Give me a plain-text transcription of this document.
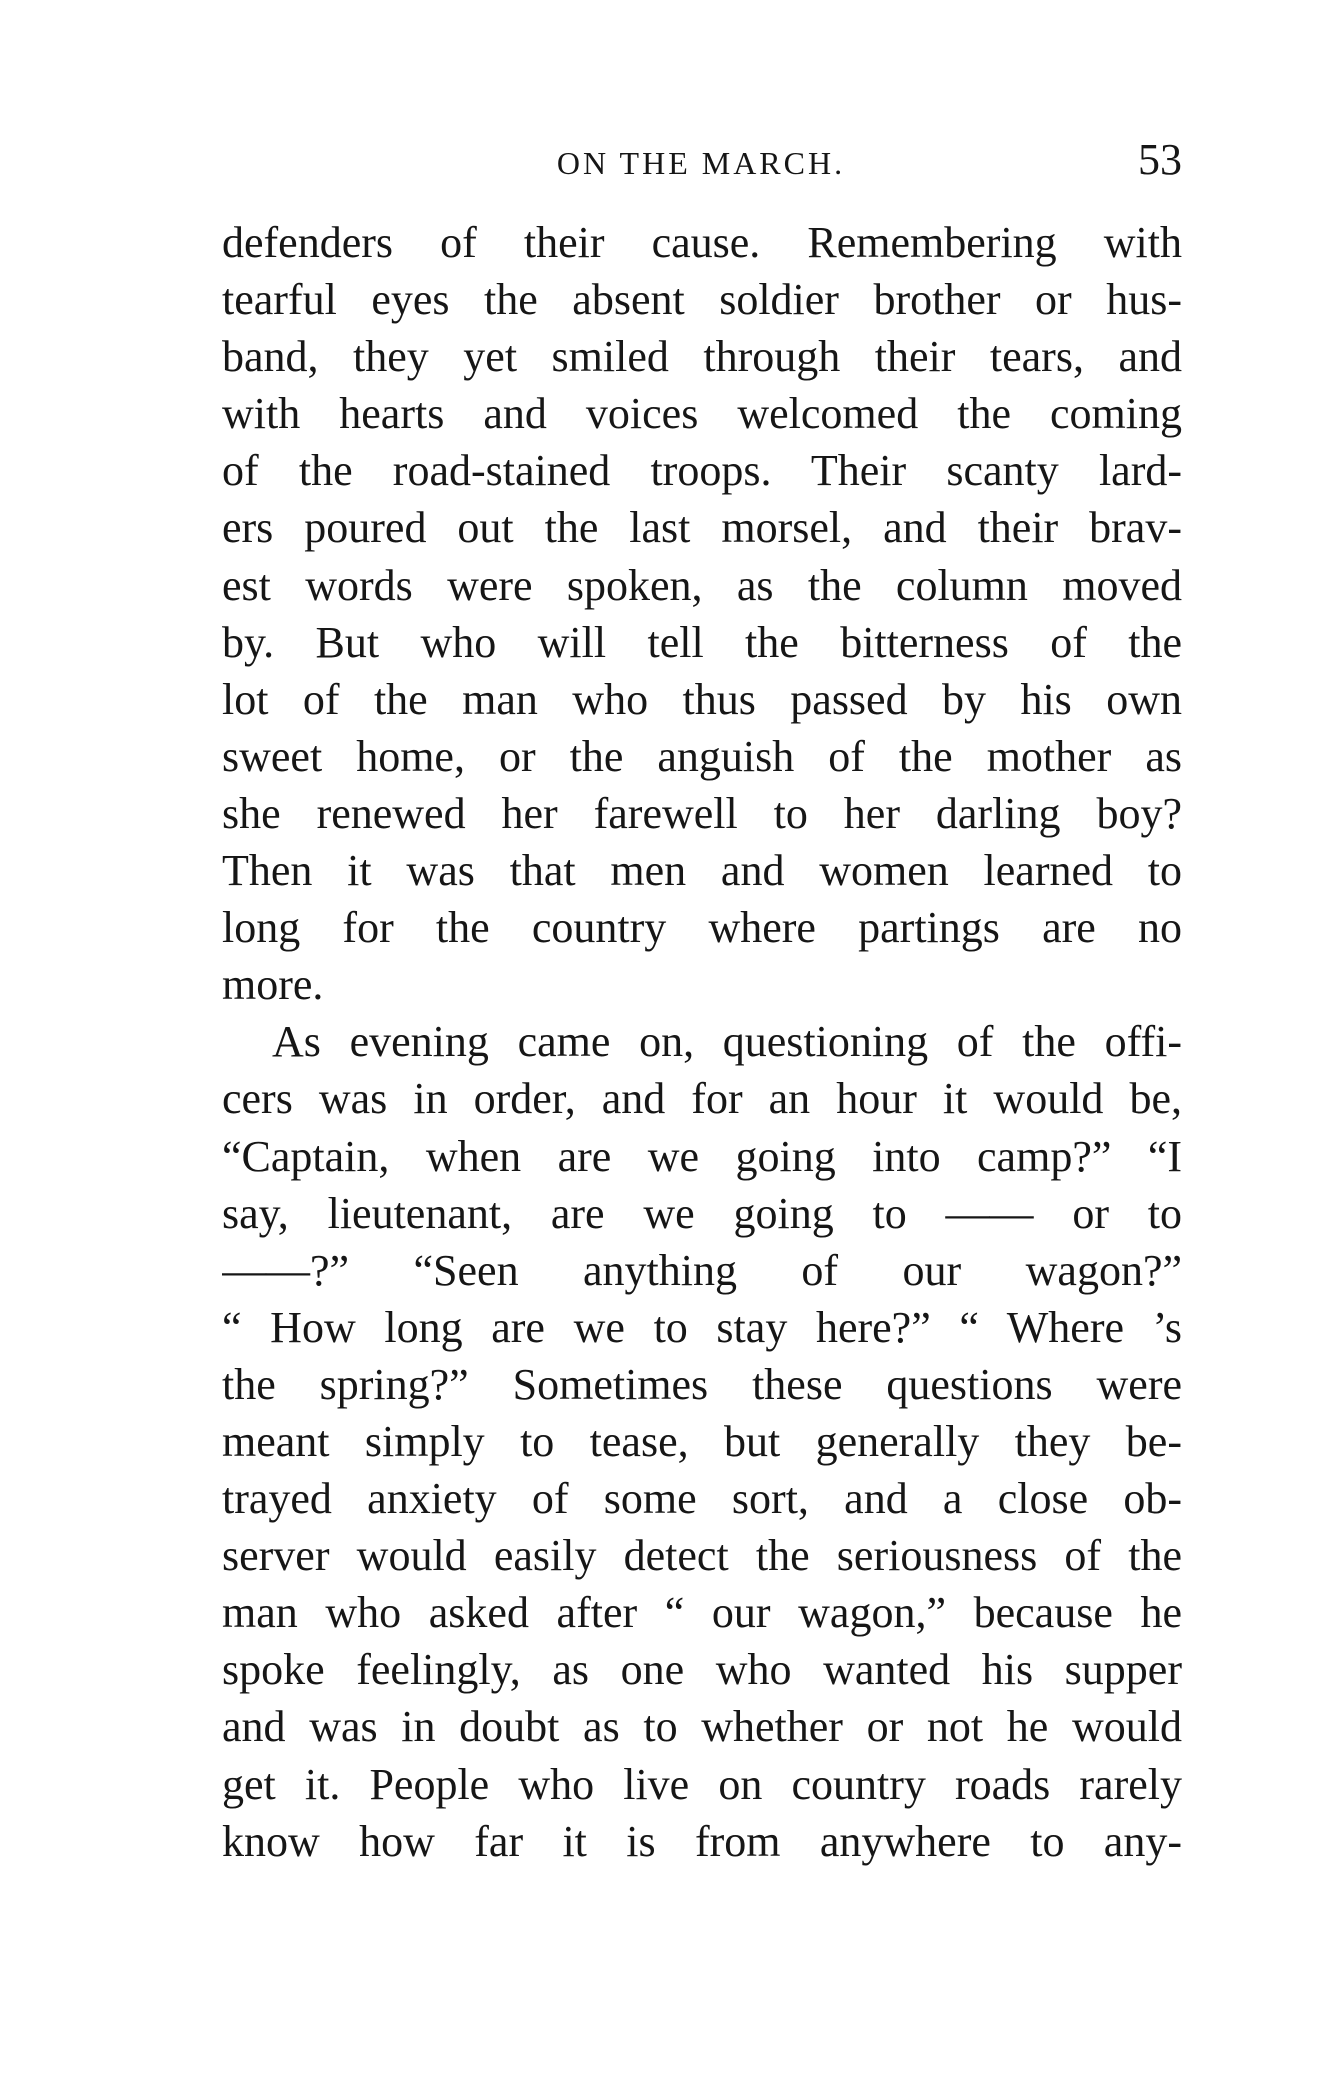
ON THE MARCH.	53
defenders of their cause. Remembering with
tearful eyes the absent soldier brother or hus-
band, they yet smiled through their tears, and
with hearts and voices welcomed the coming
of the road-stained troops. Their scanty lard-
ers poured out the last morsel, and their brav-
est words were spoken, as the column moved
by. But who will tell the bitterness of the
lot of the man who thus passed by his own
sweet home, or the anguish of the mother as
she renewed her farewell to her darling boy?
Then it was that men and women learned to
long for the country where partings are no
more.
As evening came on, questioning of the offi-
cers was in order, and for an hour it would be,
“Captain, when are we going into camp?” “I
say, lieutenant, are we going to —— or to
——?” “Seen anything of our wagon?”
“ How long are we to stay here?” “ Where ’s
the spring?” Sometimes these questions were
meant simply to tease, but generally they be-
trayed anxiety of some sort, and a close ob-
server would easily detect the seriousness of the
man who asked after “ our wagon,” because he
spoke feelingly, as one who wanted his supper
and was in doubt as to whether or not he would
get it. People who live on country roads rarely
know how far it is from anywhere to any-
